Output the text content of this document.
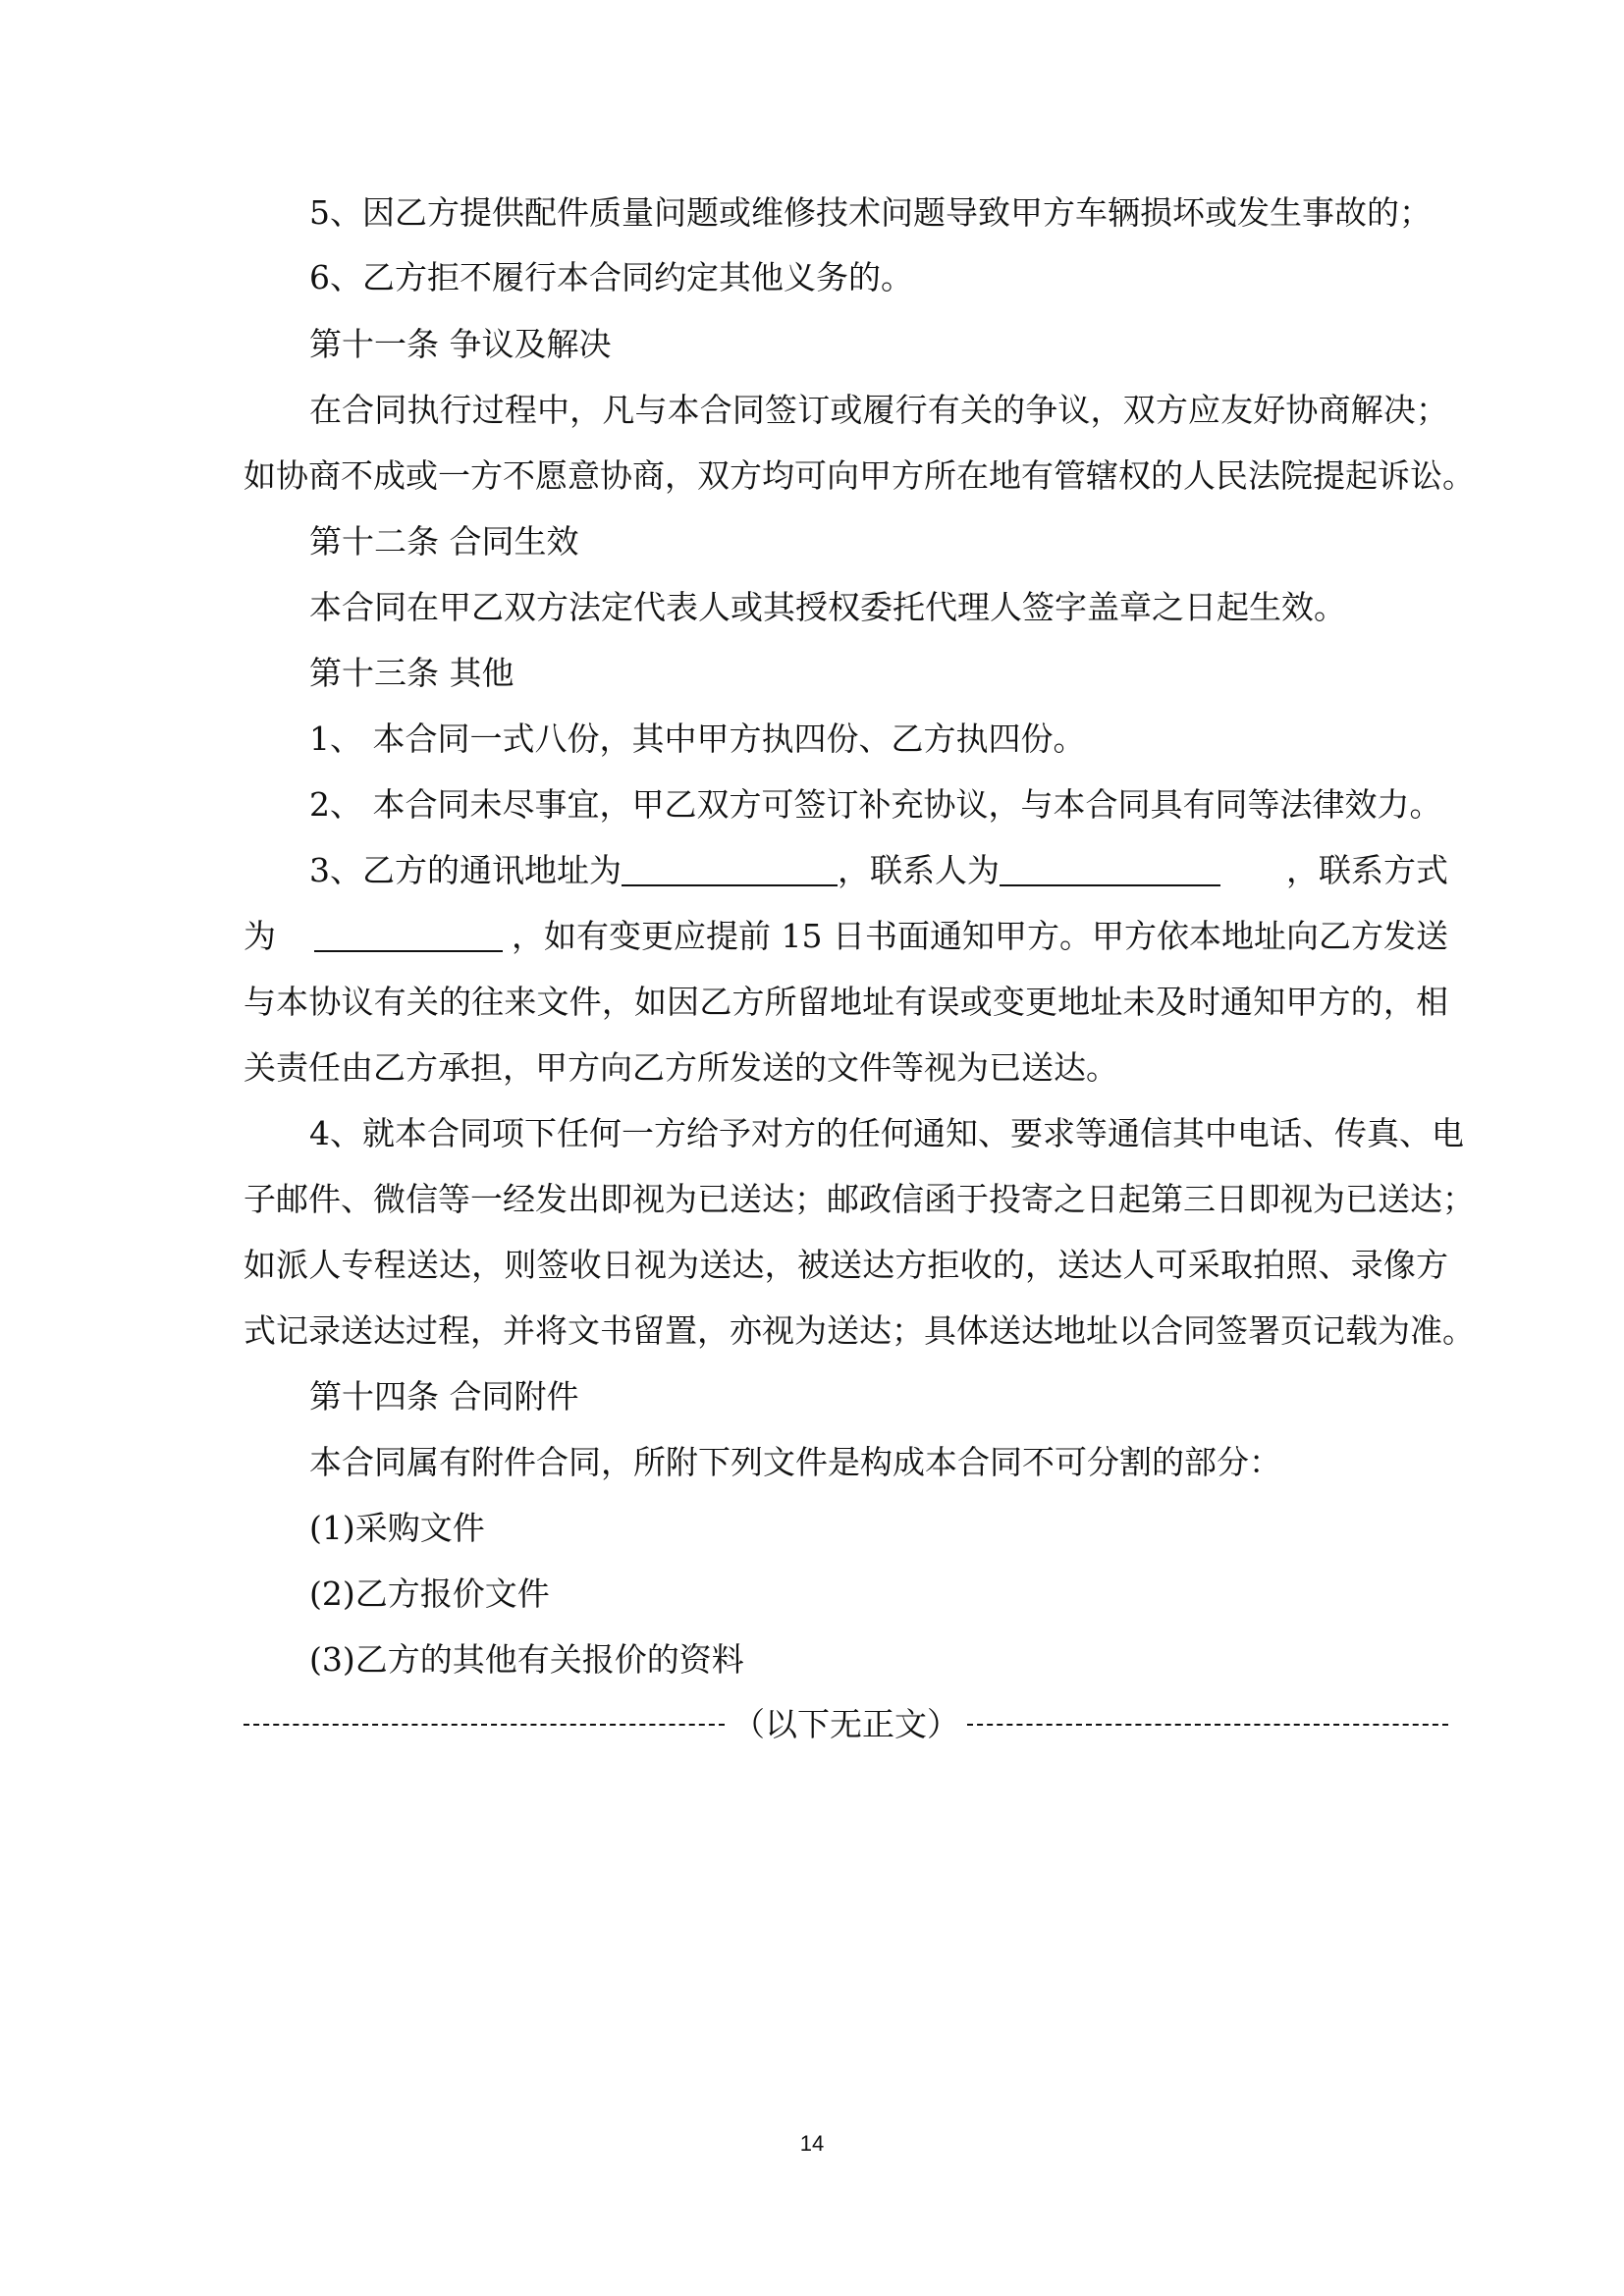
5、因乙方提供配件质量问题或维修技术问题导致甲方车辆损坏或发生事故的；
6、乙方拒不履行本合同约定其他义务的。
第十一条 争议及解决
在合同执行过程中，凡与本合同签订或履行有关的争议，双方应友好协商解决；
如协商不成或一方不愿意协商，双方均可向甲方所在地有管辖权的人民法院提起诉讼。
第十二条 合同生效
本合同在甲乙双方法定代表人或其授权委托代理人签字盖章之日起生效。
第十三条 其他
1、 本合同一式八份，其中甲方执四份、乙方执四份。
2、 本合同未尽事宜，甲乙双方可签订补充协议，与本合同具有同等法律效力。
3、乙方的通讯地址为	，联系人为	，联系方式
为	，如有变更应提前 15 日书面通知甲方。甲方依本地址向乙方发送
与本协议有关的往来文件，如因乙方所留地址有误或变更地址未及时通知甲方的，相
关责任由乙方承担，甲方向乙方所发送的文件等视为已送达。
4、就本合同项下任何一方给予对方的任何通知、要求等通信其中电话、传真、电
子邮件、微信等一经发出即视为已送达；邮政信函于投寄之日起第三日即视为已送达；
如派人专程送达，则签收日视为送达，被送达方拒收的，送达人可采取拍照、录像方
式记录送达过程，并将文书留置，亦视为送达；具体送达地址以合同签署页记载为准。
第十四条 合同附件
本合同属有附件合同，所附下列文件是构成本合同不可分割的部分：
(1)采购文件
(2)乙方报价文件
(3)乙方的其他有关报价的资料
（以下无正文）
14
